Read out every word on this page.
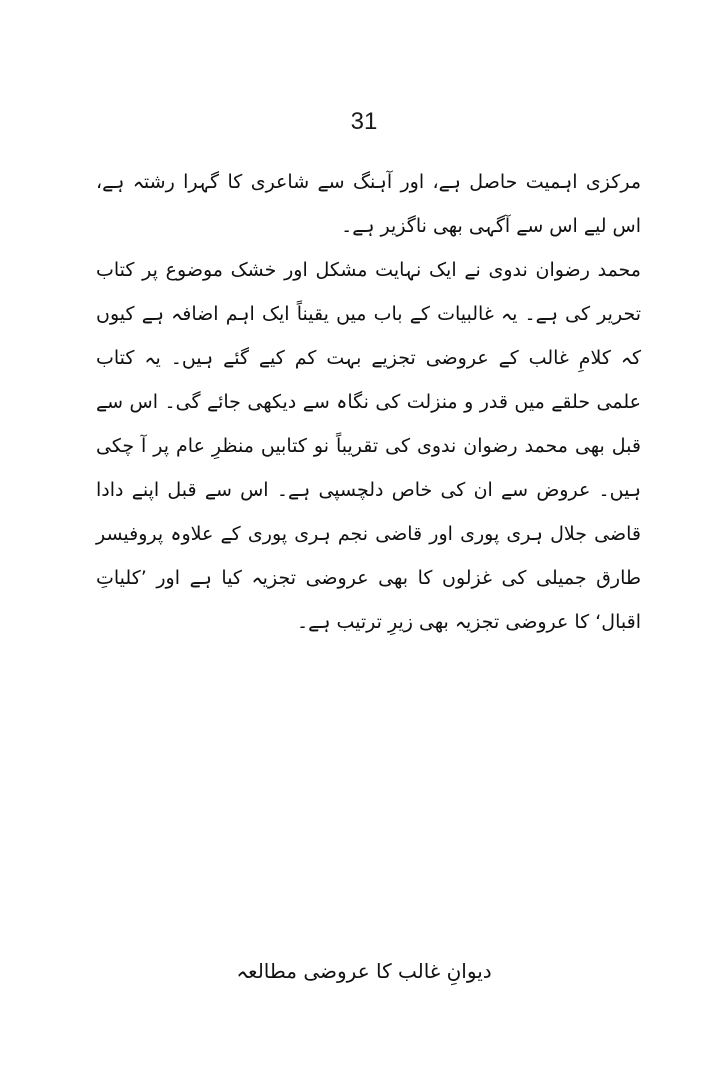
31

مرکزی اہمیت حاصل ہے، اور آہنگ سے شاعری کا گہرا رشتہ ہے، اس لیے اس سے آگہی بھی ناگزیر ہے۔

محمد رضوان ندوی نے ایک نہایت مشکل اور خشک موضوع پر کتاب تحریر کی ہے۔ یہ غالبیات کے باب میں یقیناً ایک اہم اضافہ ہے کیوں کہ کلامِ غالب کے عروضی تجزیے بہت کم کیے گئے ہیں۔ یہ کتاب علمی حلقے میں قدر و منزلت کی نگاہ سے دیکھی جائے گی۔ اس سے قبل بھی محمد رضوان ندوی کی تقریباً نو کتابیں منظرِ عام پر آ چکی ہیں۔ عروض سے ان کی خاص دلچسپی ہے۔ اس سے قبل اپنے دادا قاضی جلال ہری پوری اور قاضی نجم ہری پوری کے علاوہ پروفیسر طارق جمیلی کی غزلوں کا بھی عروضی تجزیہ کیا ہے اور ’کلیاتِ اقبال‘ کا عروضی تجزیہ بھی زیرِ ترتیب ہے۔

دیوانِ غالب کا عروضی مطالعہ
